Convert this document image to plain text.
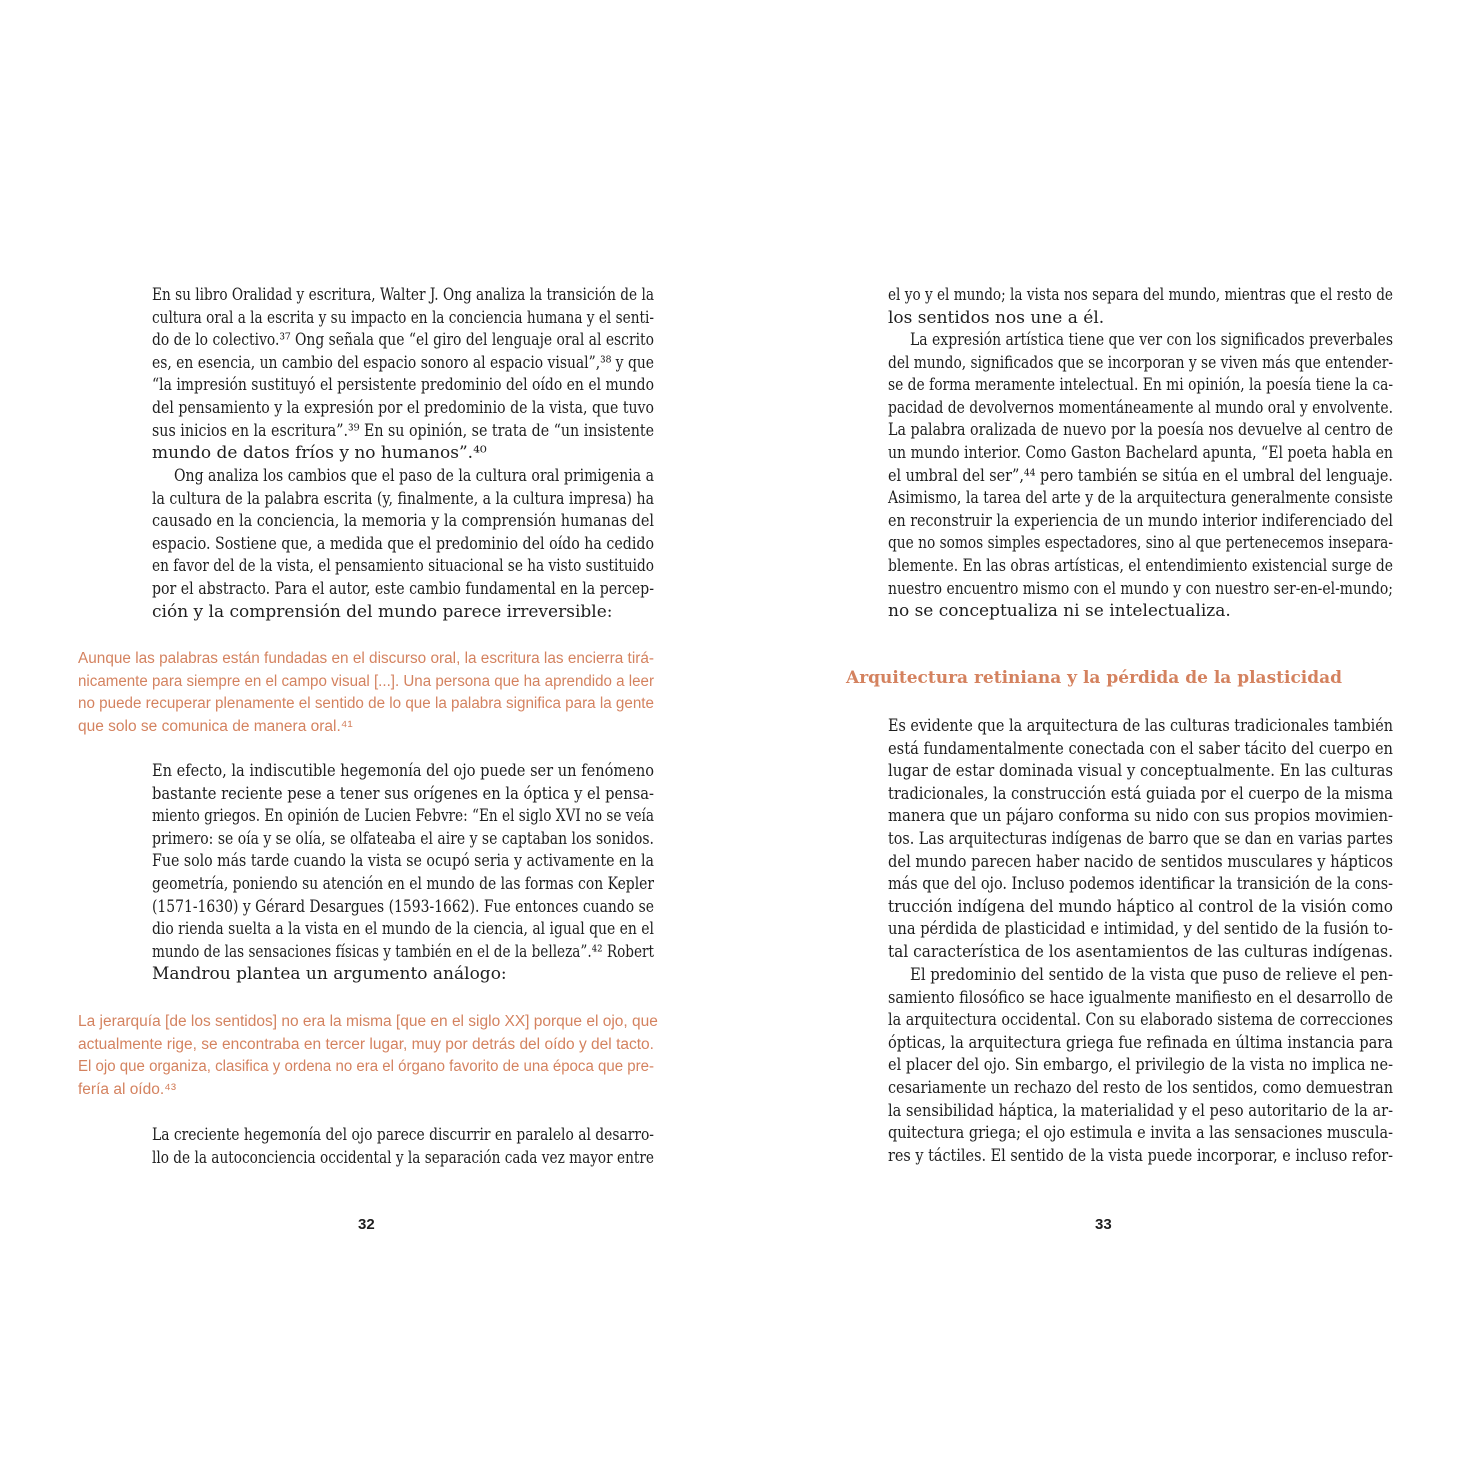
En su libro Oralidad y escritura, Walter J. Ong analiza la transición de la
cultura oral a la escrita y su impacto en la conciencia humana y el senti-
do de lo colectivo.³⁷ Ong señala que “el giro del lenguaje oral al escrito
es, en esencia, un cambio del espacio sonoro al espacio visual”,³⁸ y que
“la impresión sustituyó el persistente predominio del oído en el mundo
del pensamiento y la expresión por el predominio de la vista, que tuvo
sus inicios en la escritura”.³⁹ En su opinión, se trata de “un insistente
mundo de datos fríos y no humanos”.⁴⁰
Ong analiza los cambios que el paso de la cultura oral primigenia a
la cultura de la palabra escrita (y, finalmente, a la cultura impresa) ha
causado en la conciencia, la memoria y la comprensión humanas del
espacio. Sostiene que, a medida que el predominio del oído ha cedido
en favor del de la vista, el pensamiento situacional se ha visto sustituido
por el abstracto. Para el autor, este cambio fundamental en la percep-
ción y la comprensión del mundo parece irreversible:
Aunque las palabras están fundadas en el discurso oral, la escritura las encierra tirá-
nicamente para siempre en el campo visual [...]. Una persona que ha aprendido a leer
no puede recuperar plenamente el sentido de lo que la palabra significa para la gente
que solo se comunica de manera oral.⁴¹
En efecto, la indiscutible hegemonía del ojo puede ser un fenómeno
bastante reciente pese a tener sus orígenes en la óptica y el pensa-
miento griegos. En opinión de Lucien Febvre: “En el siglo XVI no se veía
primero: se oía y se olía, se olfateaba el aire y se captaban los sonidos.
Fue solo más tarde cuando la vista se ocupó seria y activamente en la
geometría, poniendo su atención en el mundo de las formas con Kepler
(1571-1630) y Gérard Desargues (1593-1662). Fue entonces cuando se
dio rienda suelta a la vista en el mundo de la ciencia, al igual que en el
mundo de las sensaciones físicas y también en el de la belleza”.⁴² Robert
Mandrou plantea un argumento análogo:
La jerarquía [de los sentidos] no era la misma [que en el siglo XX] porque el ojo, que
actualmente rige, se encontraba en tercer lugar, muy por detrás del oído y del tacto.
El ojo que organiza, clasifica y ordena no era el órgano favorito de una época que pre-
fería al oído.⁴³
La creciente hegemonía del ojo parece discurrir en paralelo al desarro-
llo de la autoconciencia occidental y la separación cada vez mayor entre
32
el yo y el mundo; la vista nos separa del mundo, mientras que el resto de
los sentidos nos une a él.
La expresión artística tiene que ver con los significados preverbales
del mundo, significados que se incorporan y se viven más que entender-
se de forma meramente intelectual. En mi opinión, la poesía tiene la ca-
pacidad de devolvernos momentáneamente al mundo oral y envolvente.
La palabra oralizada de nuevo por la poesía nos devuelve al centro de
un mundo interior. Como Gaston Bachelard apunta, “El poeta habla en
el umbral del ser”,⁴⁴ pero también se sitúa en el umbral del lenguaje.
Asimismo, la tarea del arte y de la arquitectura generalmente consiste
en reconstruir la experiencia de un mundo interior indiferenciado del
que no somos simples espectadores, sino al que pertenecemos insepara-
blemente. En las obras artísticas, el entendimiento existencial surge de
nuestro encuentro mismo con el mundo y con nuestro ser-en-el-mundo;
no se conceptualiza ni se intelectualiza.
Es evidente que la arquitectura de las culturas tradicionales también
está fundamentalmente conectada con el saber tácito del cuerpo en
lugar de estar dominada visual y conceptualmente. En las culturas
tradicionales, la construcción está guiada por el cuerpo de la misma
manera que un pájaro conforma su nido con sus propios movimien-
tos. Las arquitecturas indígenas de barro que se dan en varias partes
del mundo parecen haber nacido de sentidos musculares y hápticos
más que del ojo. Incluso podemos identificar la transición de la cons-
trucción indígena del mundo háptico al control de la visión como
una pérdida de plasticidad e intimidad, y del sentido de la fusión to-
tal característica de los asentamientos de las culturas indígenas.
El predominio del sentido de la vista que puso de relieve el pen-
samiento filosófico se hace igualmente manifiesto en el desarrollo de
la arquitectura occidental. Con su elaborado sistema de correcciones
ópticas, la arquitectura griega fue refinada en última instancia para
el placer del ojo. Sin embargo, el privilegio de la vista no implica ne-
cesariamente un rechazo del resto de los sentidos, como demuestran
la sensibilidad háptica, la materialidad y el peso autoritario de la ar-
quitectura griega; el ojo estimula e invita a las sensaciones muscula-
res y táctiles. El sentido de la vista puede incorporar, e incluso refor-
Arquitectura retiniana y la pérdida de la plasticidad
33
